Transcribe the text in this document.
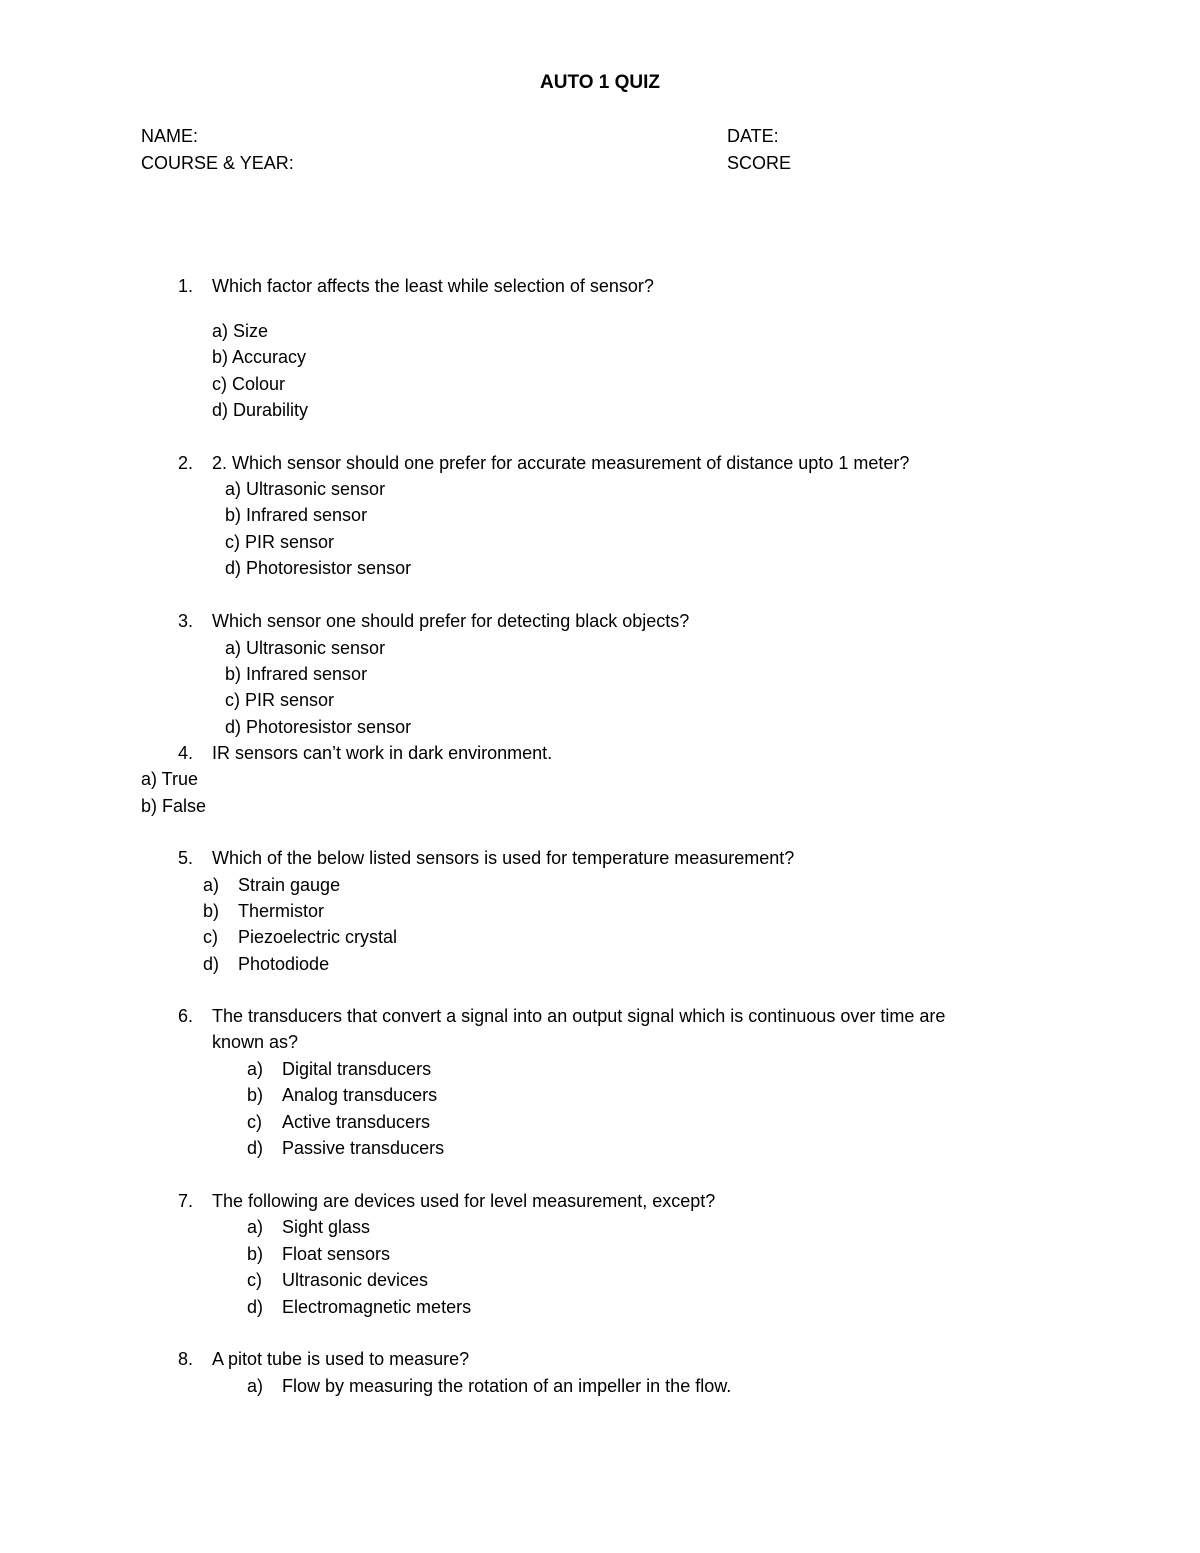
AUTO 1 QUIZ
NAME:	DATE:
COURSE & YEAR:	SCORE
1. Which factor affects the least while selection of sensor?
a) Size
b) Accuracy
c) Colour
d) Durability
2. 2. Which sensor should one prefer for accurate measurement of distance upto 1 meter?
a) Ultrasonic sensor
b) Infrared sensor
c) PIR sensor
d) Photoresistor sensor
3. Which sensor one should prefer for detecting black objects?
a) Ultrasonic sensor
b) Infrared sensor
c) PIR sensor
d) Photoresistor sensor
4. IR sensors can’t work in dark environment.
a) True
b) False
5. Which of the below listed sensors is used for temperature measurement?
a) Strain gauge
b) Thermistor
c) Piezoelectric crystal
d) Photodiode
6. The transducers that convert a signal into an output signal which is continuous over time are
known as?
a) Digital transducers
b) Analog transducers
c) Active transducers
d) Passive transducers
7. The following are devices used for level measurement, except?
a) Sight glass
b) Float sensors
c) Ultrasonic devices
d) Electromagnetic meters
8. A pitot tube is used to measure?
a) Flow by measuring the rotation of an impeller in the flow.
